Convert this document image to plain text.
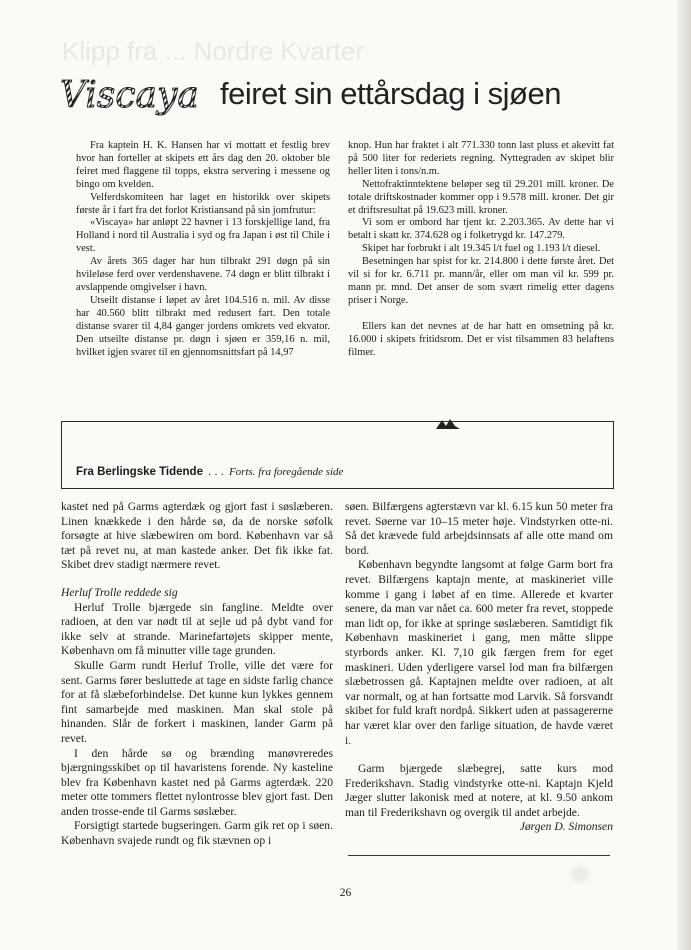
Klipp fra ... Nordre Kvarter
Viscaya feiret sin ettårsdag i sjøen

Fra kaptein H. K. Hansen har vi mottatt et festlig brev hvor han forteller at skipets ett års dag den 20. oktober ble feiret med flaggene til topps, ekstra servering i messene og bingo om kvelden.

Velferdskomiteen har laget en historikk over skipets første år i fart fra det forlot Kristiansand på sin jomfrutur:

«Viscaya» har anløpt 22 havner i 13 forskjellige land, fra Holland i nord til Australia i syd og fra Japan i øst til Chile i vest.

Av årets 365 dager har hun tilbrakt 291 døgn på sin hvileløse ferd over verdenshavene. 74 døgn er blitt tilbrakt i avslappende omgivelser i havn.

Utseilt distanse i løpet av året 104.516 n. mil. Av disse har 40.560 blitt tilbrakt med redusert fart. Den totale distanse svarer til 4,84 ganger jordens omkrets ved ekvator. Den utseilte distanse pr. døgn i sjøen er 359,16 n. mil, hvilket igjen svarer til en gjennomsnittsfart på 14,97

knop. Hun har fraktet i alt 771.330 tonn last pluss et akevitt fat på 500 liter for rederiets regning. Nyttegraden av skipet blir heller liten i tons/n.m.

Nettofraktinntektene beløper seg til 29.201 mill. kroner. De totale driftskostnader kommer opp i 9.578 mill. kroner. Det gir et driftsresultat på 19.623 mill. kroner.

Vi som er ombord har tjent kr. 2.203.365. Av dette har vi betalt i skatt kr. 374.628 og i folketrygd kr. 147.279.

Skipet har forbrukt i alt 19.345 l/t fuel og 1.193 l/t diesel.

Besetningen har spist for kr. 214.800 i dette første året. Det vil si for kr. 6.711 pr. mann/år, eller om man vil kr. 599 pr. mann pr. mnd. Det anser de som svært rimelig etter dagens priser i Norge.

Ellers kan det nevnes at de har hatt en omsetning på kr. 16.000 i skipets fritidsrom. Det er vist tilsammen 83 helaftens filmer.

Fra Berlingske Tidende . . . Forts. fra foregående side

kastet ned på Garms agterdæk og gjort fast i søslæberen. Linen knækkede i den hårde sø, da de norske søfolk forsøgte at hive slæbewiren om bord. København var så tæt på revet nu, at man kastede anker. Det fik ikke fat. Skibet drev stadigt nærmere revet.

Herluf Trolle reddede sig

Herluf Trolle bjærgede sin fangline. Meldte over radioen, at den var nødt til at sejle ud på dybt vand for ikke selv at strande. Marinefartøjets skipper mente, København om få minutter ville tage grunden.

Skulle Garm rundt Herluf Trolle, ville det være for sent. Garms fører besluttede at tage en sidste farlig chance for at få slæbeforbindelse. Det kunne kun lykkes gennem fint samarbejde med maskinen. Man skal stole på hinanden. Slår de forkert i maskinen, lander Garm på revet.

I den hårde sø og brænding manøvreredes bjærgningsskibet op til havaristens forende. Ny kasteline blev fra København kastet ned på Garms agterdæk. 220 meter otte tommers flettet nylontrosse blev gjort fast. Den anden trosse-ende til Garms søslæber.

Forsigtigt startede bugseringen. Garm gik ret op i søen. København svajede rundt og fik stævnen op i

søen. Bilfærgens agterstævn var kl. 6.15 kun 50 meter fra revet. Søerne var 10–15 meter høje. Vindstyrken otte-ni. Så det krævede fuld arbejdsinnsats af alle otte mand om bord.

København begyndte langsomt at følge Garm bort fra revet. Bilfærgens kaptajn mente, at maskineriet ville komme i gang i løbet af en time. Allerede et kvarter senere, da man var nået ca. 600 meter fra revet, stoppede man lidt op, for ikke at springe søslæberen. Samtidigt fik København maskineriet i gang, men måtte slippe styrbords anker. Kl. 7,10 gik færgen frem for eget maskineri. Uden yderligere varsel lod man fra bilfærgen slæbetrossen gå. Kaptajnen meldte over radioen, at alt var normalt, og at han fortsatte mod Larvik. Så forsvandt skibet for fuld kraft nordpå. Sikkert uden at passagererne har været klar over den farlige situation, de havde været i.

Garm bjærgede slæbegrej, satte kurs mod Frederikshavn. Stadig vindstyrke otte-ni. Kaptajn Kjeld Jæger slutter lakonisk med at notere, at kl. 9.50 ankom man til Frederikshavn og overgik til andet arbejde.

Jørgen D. Simonsen

26
